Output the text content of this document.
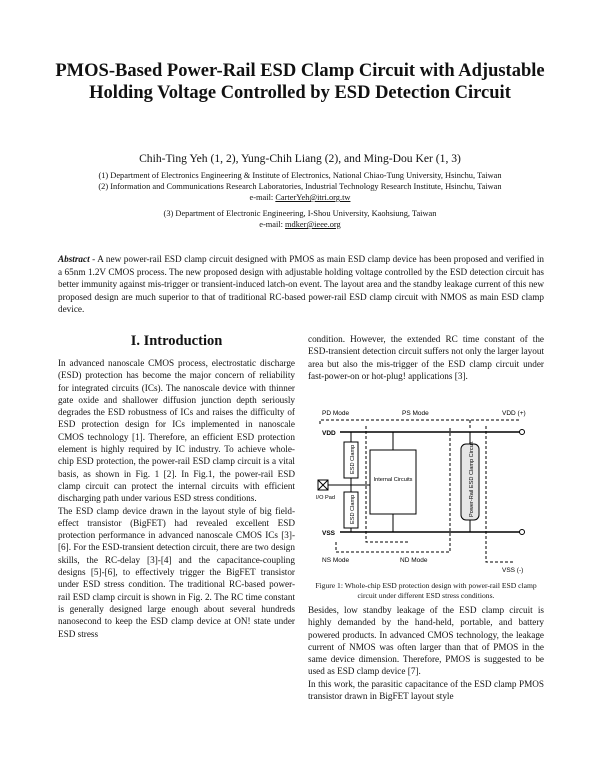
PMOS-Based Power-Rail ESD Clamp Circuit with Adjustable Holding Voltage Controlled by ESD Detection Circuit
Chih-Ting Yeh (1, 2), Yung-Chih Liang (2), and Ming-Dou Ker (1, 3)
(1) Department of Electronics Engineering & Institute of Electronics, National Chiao-Tung University, Hsinchu, Taiwan
(2) Information and Communications Research Laboratories, Industrial Technology Research Institute, Hsinchu, Taiwan
e-mail: CarterYeh@itri.org.tw
(3) Department of Electronic Engineering, I-Shou University, Kaohsiung, Taiwan
e-mail: mdker@ieee.org
Abstract - A new power-rail ESD clamp circuit designed with PMOS as main ESD clamp device has been proposed and verified in a 65nm 1.2V CMOS process. The new proposed design with adjustable holding voltage controlled by the ESD detection circuit has better immunity against mis-trigger or transient-induced latch-on event. The layout area and the standby leakage current of this new proposed design are much superior to that of traditional RC-based power-rail ESD clamp circuit with NMOS as main ESD clamp device.
I. Introduction

In advanced nanoscale CMOS process, electrostatic discharge (ESD) protection has become the major concern of reliability for integrated circuits (ICs). The nanoscale device with thinner gate oxide and shallower diffusion junction depth seriously degrades the ESD robustness of ICs and raises the difficulty of ESD protection design for ICs implemented in nanoscale CMOS technology [1]. Therefore, an efficient ESD protection element is highly required by IC industry. To achieve whole-chip ESD protection, the power-rail ESD clamp circuit is a vital basis, as shown in Fig. 1 [2]. In Fig.1, the power-rail ESD clamp circuit can protect the internal circuits with efficient discharging path under various ESD stress conditions.

The ESD clamp device drawn in the layout style of big field-effect transistor (BigFET) had revealed excellent ESD protection performance in advanced nanoscale CMOS ICs [3]-[6]. For the ESD-transient detection circuit, there are two design skills, the RC-delay [3]-[4] and the capacitance-coupling designs [5]-[6], to effectively trigger the BigFET transistor under ESD stress condition. The traditional RC-based power-rail ESD clamp circuit is shown in Fig. 2. The RC time constant is generally designed large enough about several hundreds nanosecond to keep the ESD clamp device at ON! state under ESD stress

condition. However, the extended RC time constant of the ESD-transient detection circuit suffers not only the larger layout area but also the mis-trigger of the ESD clamp circuit under fast-power-on or hot-plug! applications [3].

PD Mode	PS Mode	VDD (+)
VDD
VSS
ESD Clamp
ESD Clamp
I/O Pad
Internal Circuits	Power-Rail ESD Clamp Circuit
NS Mode	ND Mode
VSS (-)
Figure 1: Whole-chip ESD protection design with power-rail ESD clamp circuit under different ESD stress conditions.

Besides, low standby leakage of the ESD clamp circuit is highly demanded by the hand-held, portable, and battery powered products. In advanced CMOS technology, the leakage current of NMOS was often larger than that of PMOS in the same device dimension. Therefore, PMOS is suggested to be used as ESD clamp device [7].

In this work, the parasitic capacitance of the ESD clamp PMOS transistor drawn in BigFET layout style
